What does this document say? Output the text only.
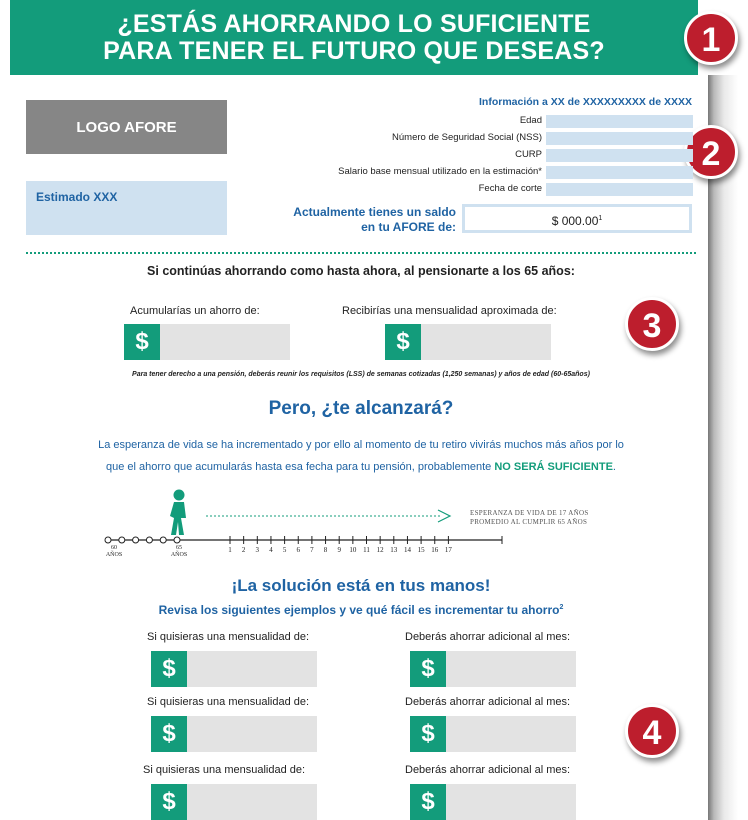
¿ESTÁS AHORRANDO LO SUFICIENTE
PARA TENER EL FUTURO QUE DESEAS?	1
2
3
4
LOGO AFORE
Estimado XXX
Información a XX de XXXXXXXXX de XXXX
Edad
Número de Seguridad Social (NSS)
CURP
Salario base mensual utilizado en la estimación*
Fecha de corte
Actualmente tienes un saldo
en tu AFORE de:	$ 000.00$^1$
Si continúas ahorrando como hasta ahora, al pensionarte a los 65 años:
Acumularías un ahorro de:	Recibirías una mensualidad aproximada de:
$	$
Para tener derecho a una pensión, deberás reunir los requisitos (LSS) de semanas cotizadas (1,250 semanas) y años de edad (60-65años)
Pero, ¿te alcanzará?
La esperanza de vida se ha incrementado y por ello al momento de tu retiro vivirás muchos más años por lo
que el ahorro que acumularás hasta esa fecha para tu pensión, probablemente NO SERÁ SUFICIENTE.
ESPERANZA DE VIDA DE 17 AÑOS
PROMEDIO AL CUMPLIR 65 AÑOS
60
AÑOS
65
AÑOS
1	2	3	4	5	6	7	8	9	10 11 12 13 14 15 16 17
¡La solución está en tus manos!
Revisa los siguientes ejemplos y ve qué fácil es incrementar tu ahorro$^2$
Si quisieras una mensualidad de:	Deberás ahorrar adicional al mes:
$	$
Si quisieras una mensualidad de:	Deberás ahorrar adicional al mes:
$	$
Si quisieras una mensualidad de:	Deberás ahorrar adicional al mes:
$	$
